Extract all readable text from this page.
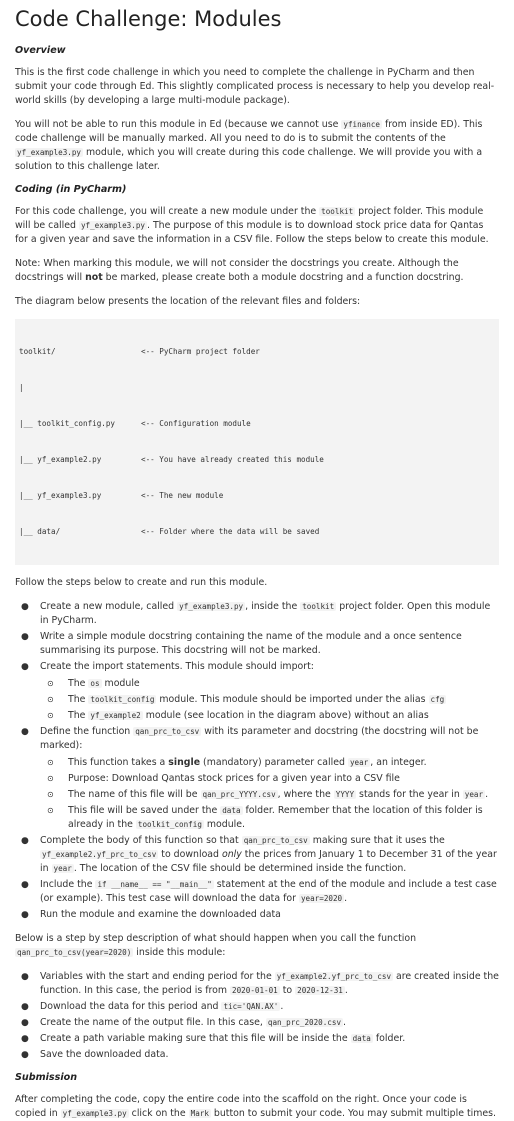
Code Challenge: Modules
Overview

This is the first code challenge in which you need to complete the challenge in PyCharm and then submit your code through Ed. This slightly complicated process is necessary to help you develop real-world skills (by developing a large multi-module package).

You will not be able to run this module in Ed (because we cannot use yfinance from inside ED). This code challenge will be manually marked. All you need to do is to submit the contents of the yf_example3.py module, which you will create during this code challenge. We will provide you with a solution to this challenge later.

Coding (in PyCharm)

For this code challenge, you will create a new module under the toolkit project folder. This module will be called yf_example3.py . The purpose of this module is to download stock price data for Qantas for a given year and save the information in a CSV file. Follow the steps below to create this module.

Note: When marking this module, we will not consider the docstrings you create. Although the docstrings will not be marked, please create both a module docstring and a function docstring.

The diagram below presents the location of the relevant files and folders:

toolkit/	<-- PyCharm project folder

|

|__ toolkit_config.py	<-- Configuration module

|__ yf_example2.py	<-- You have already created this module

|__ yf_example3.py	<-- The new module

|__ data/	<-- Folder where the data will be saved

Follow the steps below to create and run this module.

● Create a new module, called yf_example3.py , inside the toolkit project folder. Open this module in PyCharm.
● Write a simple module docstring containing the name of the module and a once sentence summarising its purpose. This docstring will not be marked.
● Create the import statements. This module should import:
⊙ The os module
⊙ The toolkit_config module. This module should be imported under the alias cfg
⊙ The yf_example2 module (see location in the diagram above) without an alias
● Define the function qan_prc_to_csv with its parameter and docstring (the docstring will not be marked):
⊙ This function takes a single (mandatory) parameter called year , an integer.
⊙ Purpose: Download Qantas stock prices for a given year into a CSV file
⊙ The name of this file will be qan_prc_YYYY.csv , where the YYYY stands for the year in year .
⊙ This file will be saved under the data folder. Remember that the location of this folder is already in the toolkit_config module.
● Complete the body of this function so that qan_prc_to_csv making sure that it uses the yf_example2.yf_prc_to_csv to download only the prices from January 1 to December 31 of the year in year . The location of the CSV file should be determined inside the function.
● Include the if __name__ == "__main__" statement at the end of the module and include a test case (or example). This test case will download the data for year=2020 .
● Run the module and examine the downloaded data

Below is a step by step description of what should happen when you call the function qan_prc_to_csv(year=2020) inside this module:

● Variables with the start and ending period for the yf_example2.yf_prc_to_csv are created inside the function. In this case, the period is from 2020-01-01 to 2020-12-31 .
● Download the data for this period and tic='QAN.AX' .
● Create the name of the output file. In this case, qan_prc_2020.csv .
● Create a path variable making sure that this file will be inside the data folder.
● Save the downloaded data.
Submission

After completing the code, copy the entire code into the scaffold on the right. Once your code is copied in yf_example3.py click on the Mark button to submit your code. You may submit multiple times.
